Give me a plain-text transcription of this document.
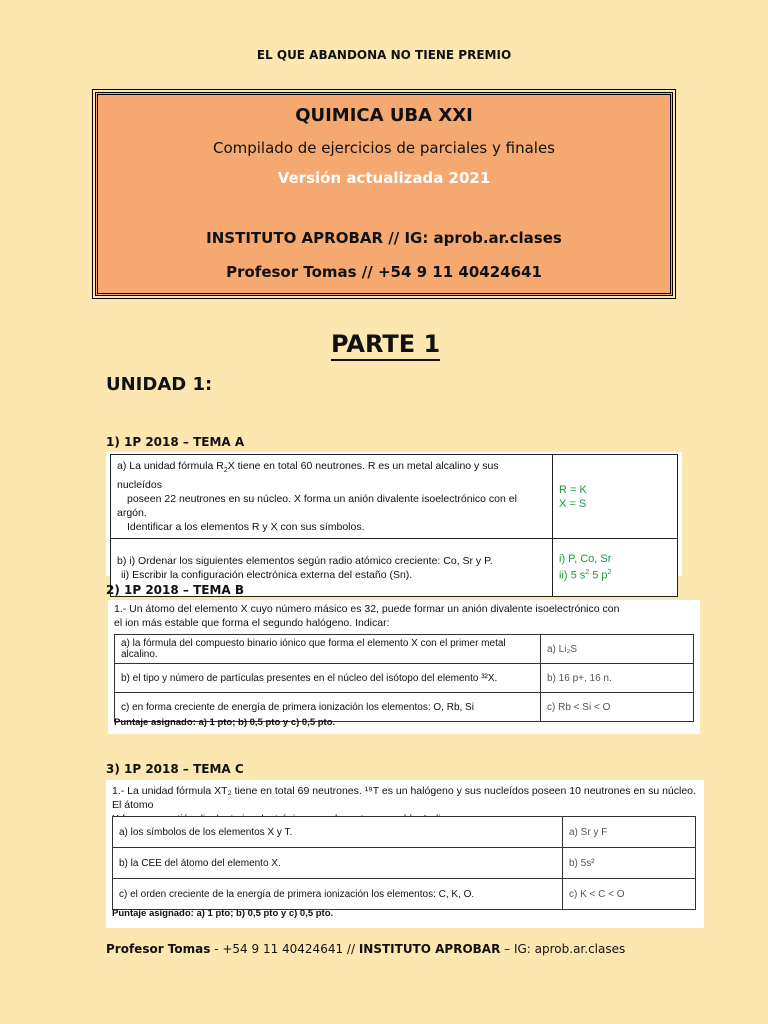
EL QUE ABANDONA NO TIENE PREMIO
QUIMICA UBA XXI
Compilado de ejercicios de parciales y finales
Versión actualizada 2021
INSTITUTO APROBAR // IG: aprob.ar.clases
Profesor Tomas // +54 9 11 40424641
PARTE 1
UNIDAD 1:
1) 1P 2018 – TEMA A
a) La unidad fórmula $R_2X$ tiene en total 60 neutrones. R es un metal alcalino y sus nucleídos
poseen 22 neutrones en su núcleo. X forma un anión divalente isoelectrónico con el argón.
Identificar a los elementos R y X con sus símbolos.	R = K
X = S
b) i) Ordenar los siguientes elementos según radio atómico creciente: Co, Sr y P.
ii) Escribir la configuración electrónica externa del estaño (Sn).	i) P, Co, Sr
ii) 5 $s^2$ 5 $p^2$
2) 1P 2018 – TEMA B
1.- Un átomo del elemento X cuyo número másico es 32, puede formar un anión divalente isoelectrónico con
el ion más estable que forma el segundo halógeno. Indicar:
a) la fórmula del compuesto binario iónico que forma el elemento X con el primer metal alcalino.	a) Li₂S
b) el tipo y número de partículas presentes en el núcleo del isótopo del elemento ³²X.	b) 16 p+, 16 n.
c) en forma creciente de energía de primera ionización los elementos: O, Rb, Si	c) Rb < Si < O
Puntaje asignado: a) 1 pto; b) 0,5 pto y c) 0,5 pto.
3) 1P 2018 – TEMA C
1.- La unidad fórmula XT₂ tiene en total 69 neutrones. ¹⁹T es un halógeno y sus nucleídos poseen 10 neutrones en su núcleo. El átomo

a) los símbolos de los elementos X y T.	a) Sr y F
b) la CEE del átomo del elemento X.	b) 5s²
c) el orden creciente de la energía de primera ionización los elementos: C, K, O.	c) K < C < O
Puntaje asignado: a) 1 pto; b) 0,5 pto y c) 0,5 pto.
Profesor Tomas - +54 9 11 40424641 // INSTITUTO APROBAR – IG: aprob.ar.clases
